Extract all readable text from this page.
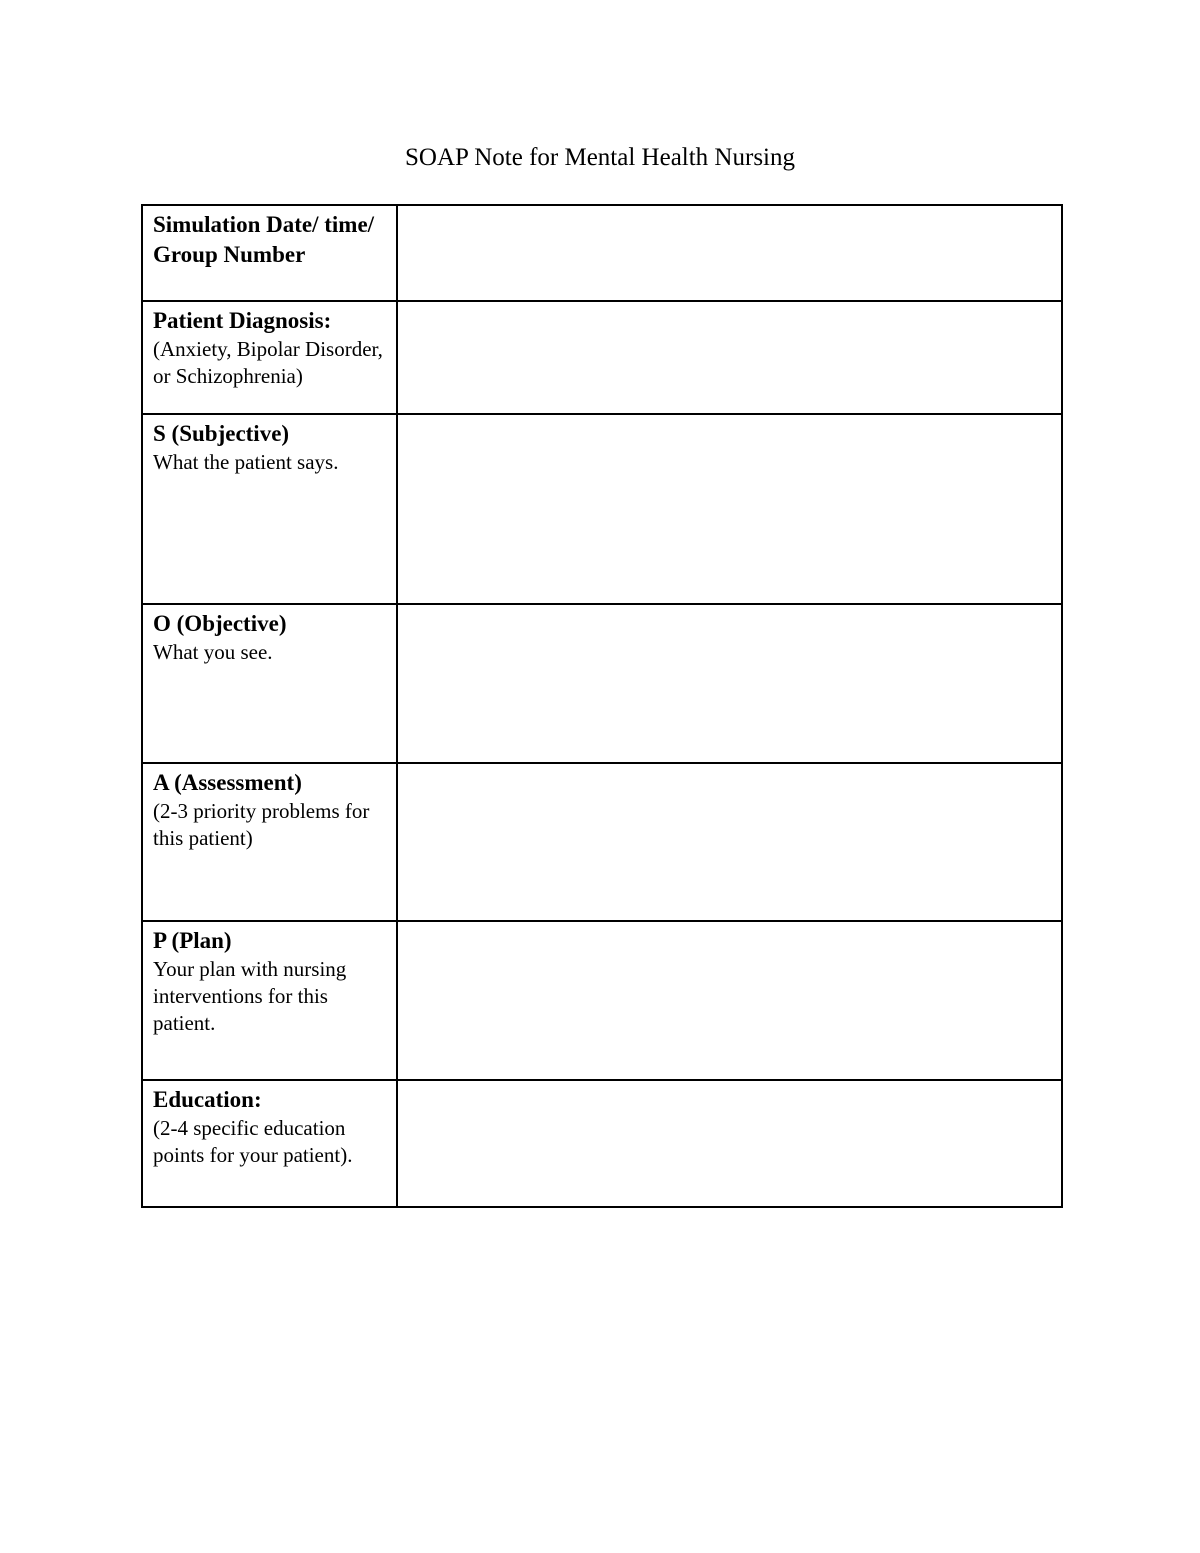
SOAP Note for Mental Health Nursing
Simulation Date/ time/ Group Number	

Patient Diagnosis:
(Anxiety, Bipolar Disorder, or Schizophrenia)	

S (Subjective)
What the patient says.	

O (Objective)
What you see.	

A (Assessment)
(2-3 priority problems for this patient)	

P (Plan)
Your plan with nursing interventions for this patient.	

Education:
(2-4 specific education points for your patient).	
